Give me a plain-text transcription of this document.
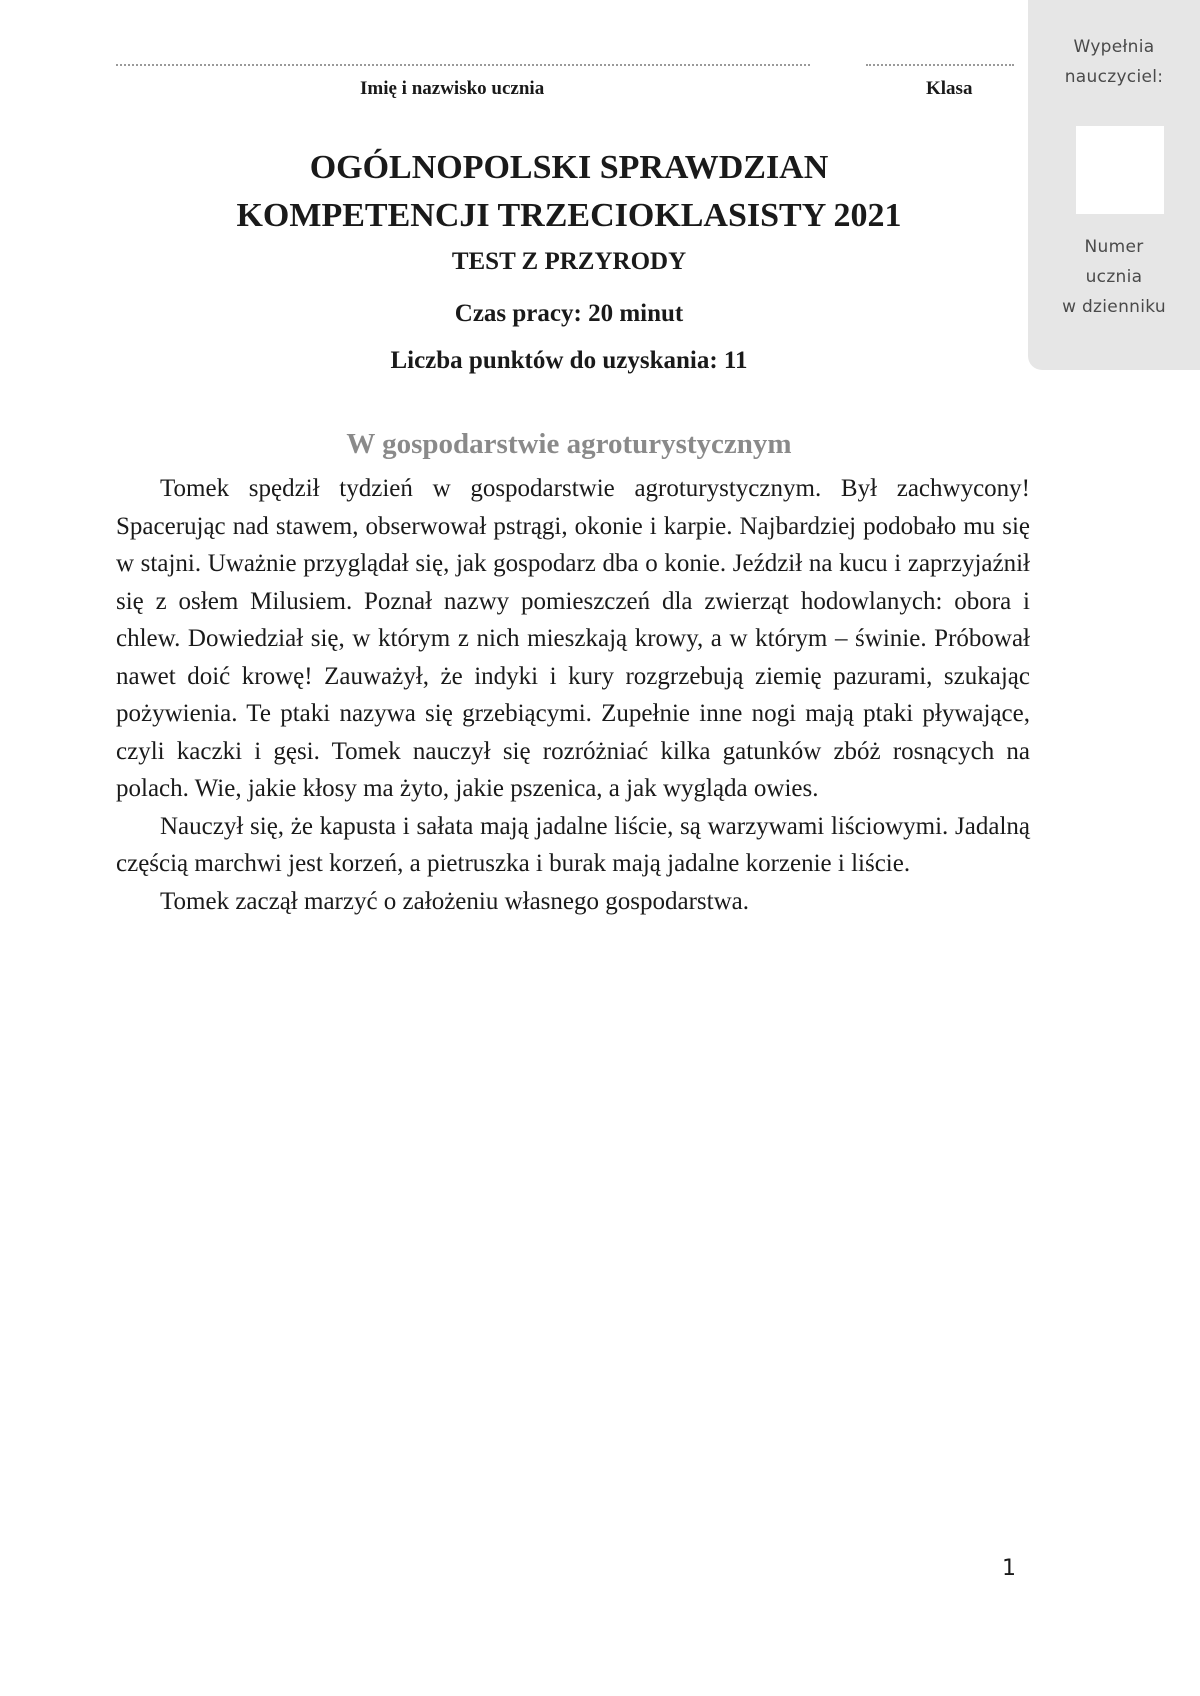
Wypełnia
nauczyciel:
Numer
ucznia
w dzienniku
Imię i nazwisko ucznia	Klasa
OGÓLNOPOLSKI SPRAWDZIAN
KOMPETENCJI TRZECIOKLASISTY 2021
TEST Z PRZYRODY
Czas pracy: 20 minut
Liczba punktów do uzyskania: 11
W gospodarstwie agroturystycznym

Tomek spędził tydzień w gospodarstwie agroturystycznym. Był zachwycony! Spacerując nad stawem, obserwował pstrągi, okonie i karpie. Najbardziej podobało mu się w stajni. Uważnie przyglądał się, jak gospodarz dba o konie. Jeździł na kucu i zaprzyjaźnił się z osłem Milusiem. Poznał nazwy pomieszczeń dla zwierząt hodowlanych: obora i chlew. Dowiedział się, w którym z nich mieszkają krowy, a w którym – świnie. Próbował nawet doić krowę! Zauważył, że indyki i kury rozgrzebują ziemię pazurami, szukając pożywienia. Te ptaki nazywa się grzebiącymi. Zupełnie inne nogi mają ptaki pływające, czyli kaczki i gęsi. Tomek nauczył się rozróżniać kilka gatunków zbóż rosnących na polach. Wie, jakie kłosy ma żyto, jakie pszenica, a jak wygląda owies.

Nauczył się, że kapusta i sałata mają jadalne liście, są warzywami liściowymi. Jadalną częścią marchwi jest korzeń, a pietruszka i burak mają jadalne korzenie i liście.

Tomek zaczął marzyć o założeniu własnego gospodarstwa.

1
